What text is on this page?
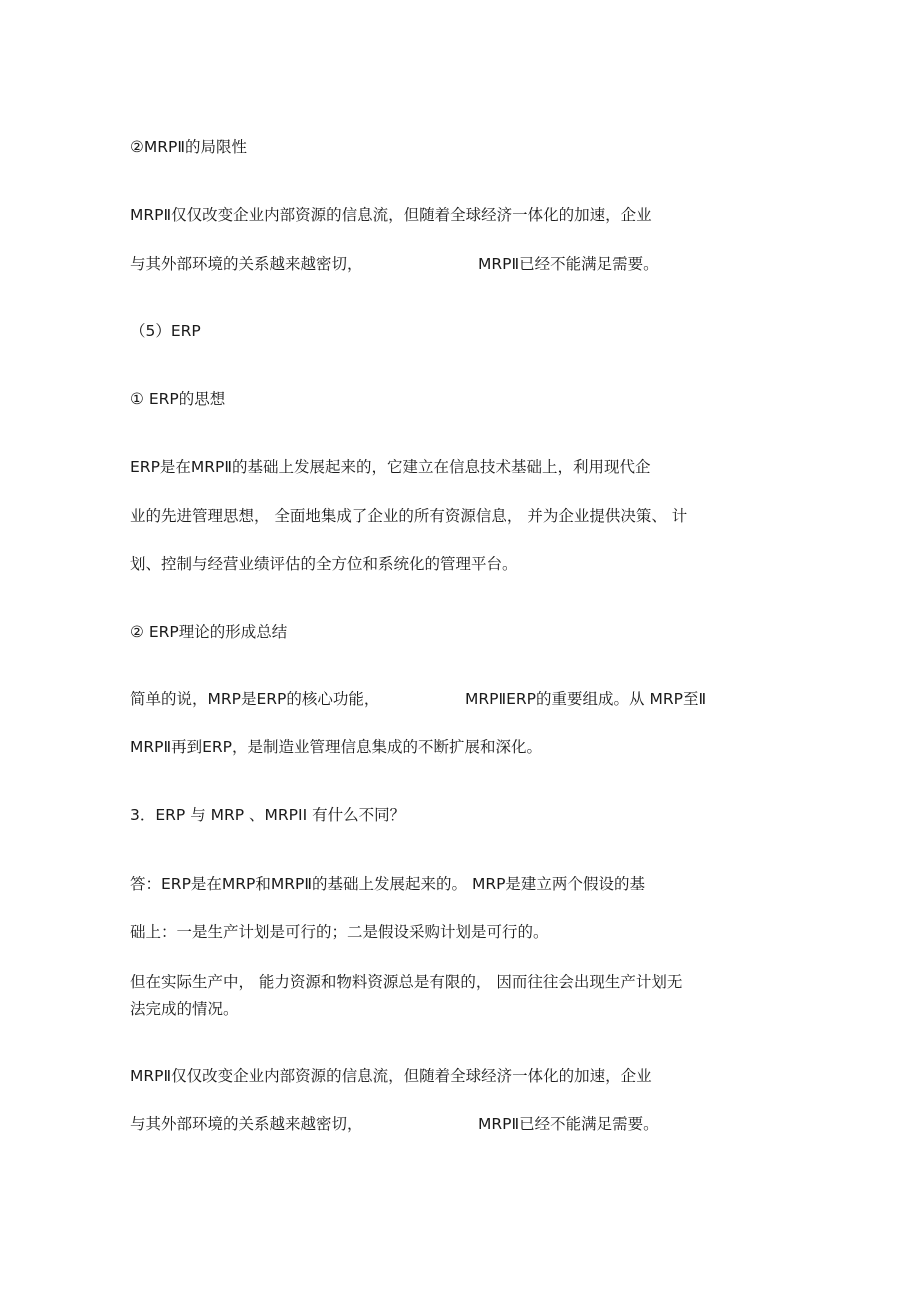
②MRPⅡ的局限性
MRPⅡ仅仅改变企业内部资源的信息流，但随着全球经济一体化的加速，企业
与其外部环境的关系越来越密切，	MRPⅡ已经不能满足需要。
（5）ERP
① ERP的思想
ERP是在MRPⅡ的基础上发展起来的，它建立在信息技术基础上，利用现代企
业的先进管理思想， 全面地集成了企业的所有资源信息， 并为企业提供决策、 计
划、控制与经营业绩评估的全方位和系统化的管理平台。
② ERP理论的形成总结
简单的说，MRP是ERP的核心功能，	MRPⅡERP的重要组成。从 MRP至Ⅱ
MRPⅡ再到ERP，是制造业管理信息集成的不断扩展和深化。
3．ERP 与 MRP 、MRPII 有什么不同？
答：ERP是在MRP和MRPⅡ的基础上发展起来的。 MRP是建立两个假设的基
础上：一是生产计划是可行的；二是假设采购计划是可行的。
但在实际生产中， 能力资源和物料资源总是有限的， 因而往往会出现生产计划无
法完成的情况。
MRPⅡ仅仅改变企业内部资源的信息流，但随着全球经济一体化的加速，企业
与其外部环境的关系越来越密切，	MRPⅡ已经不能满足需要。
